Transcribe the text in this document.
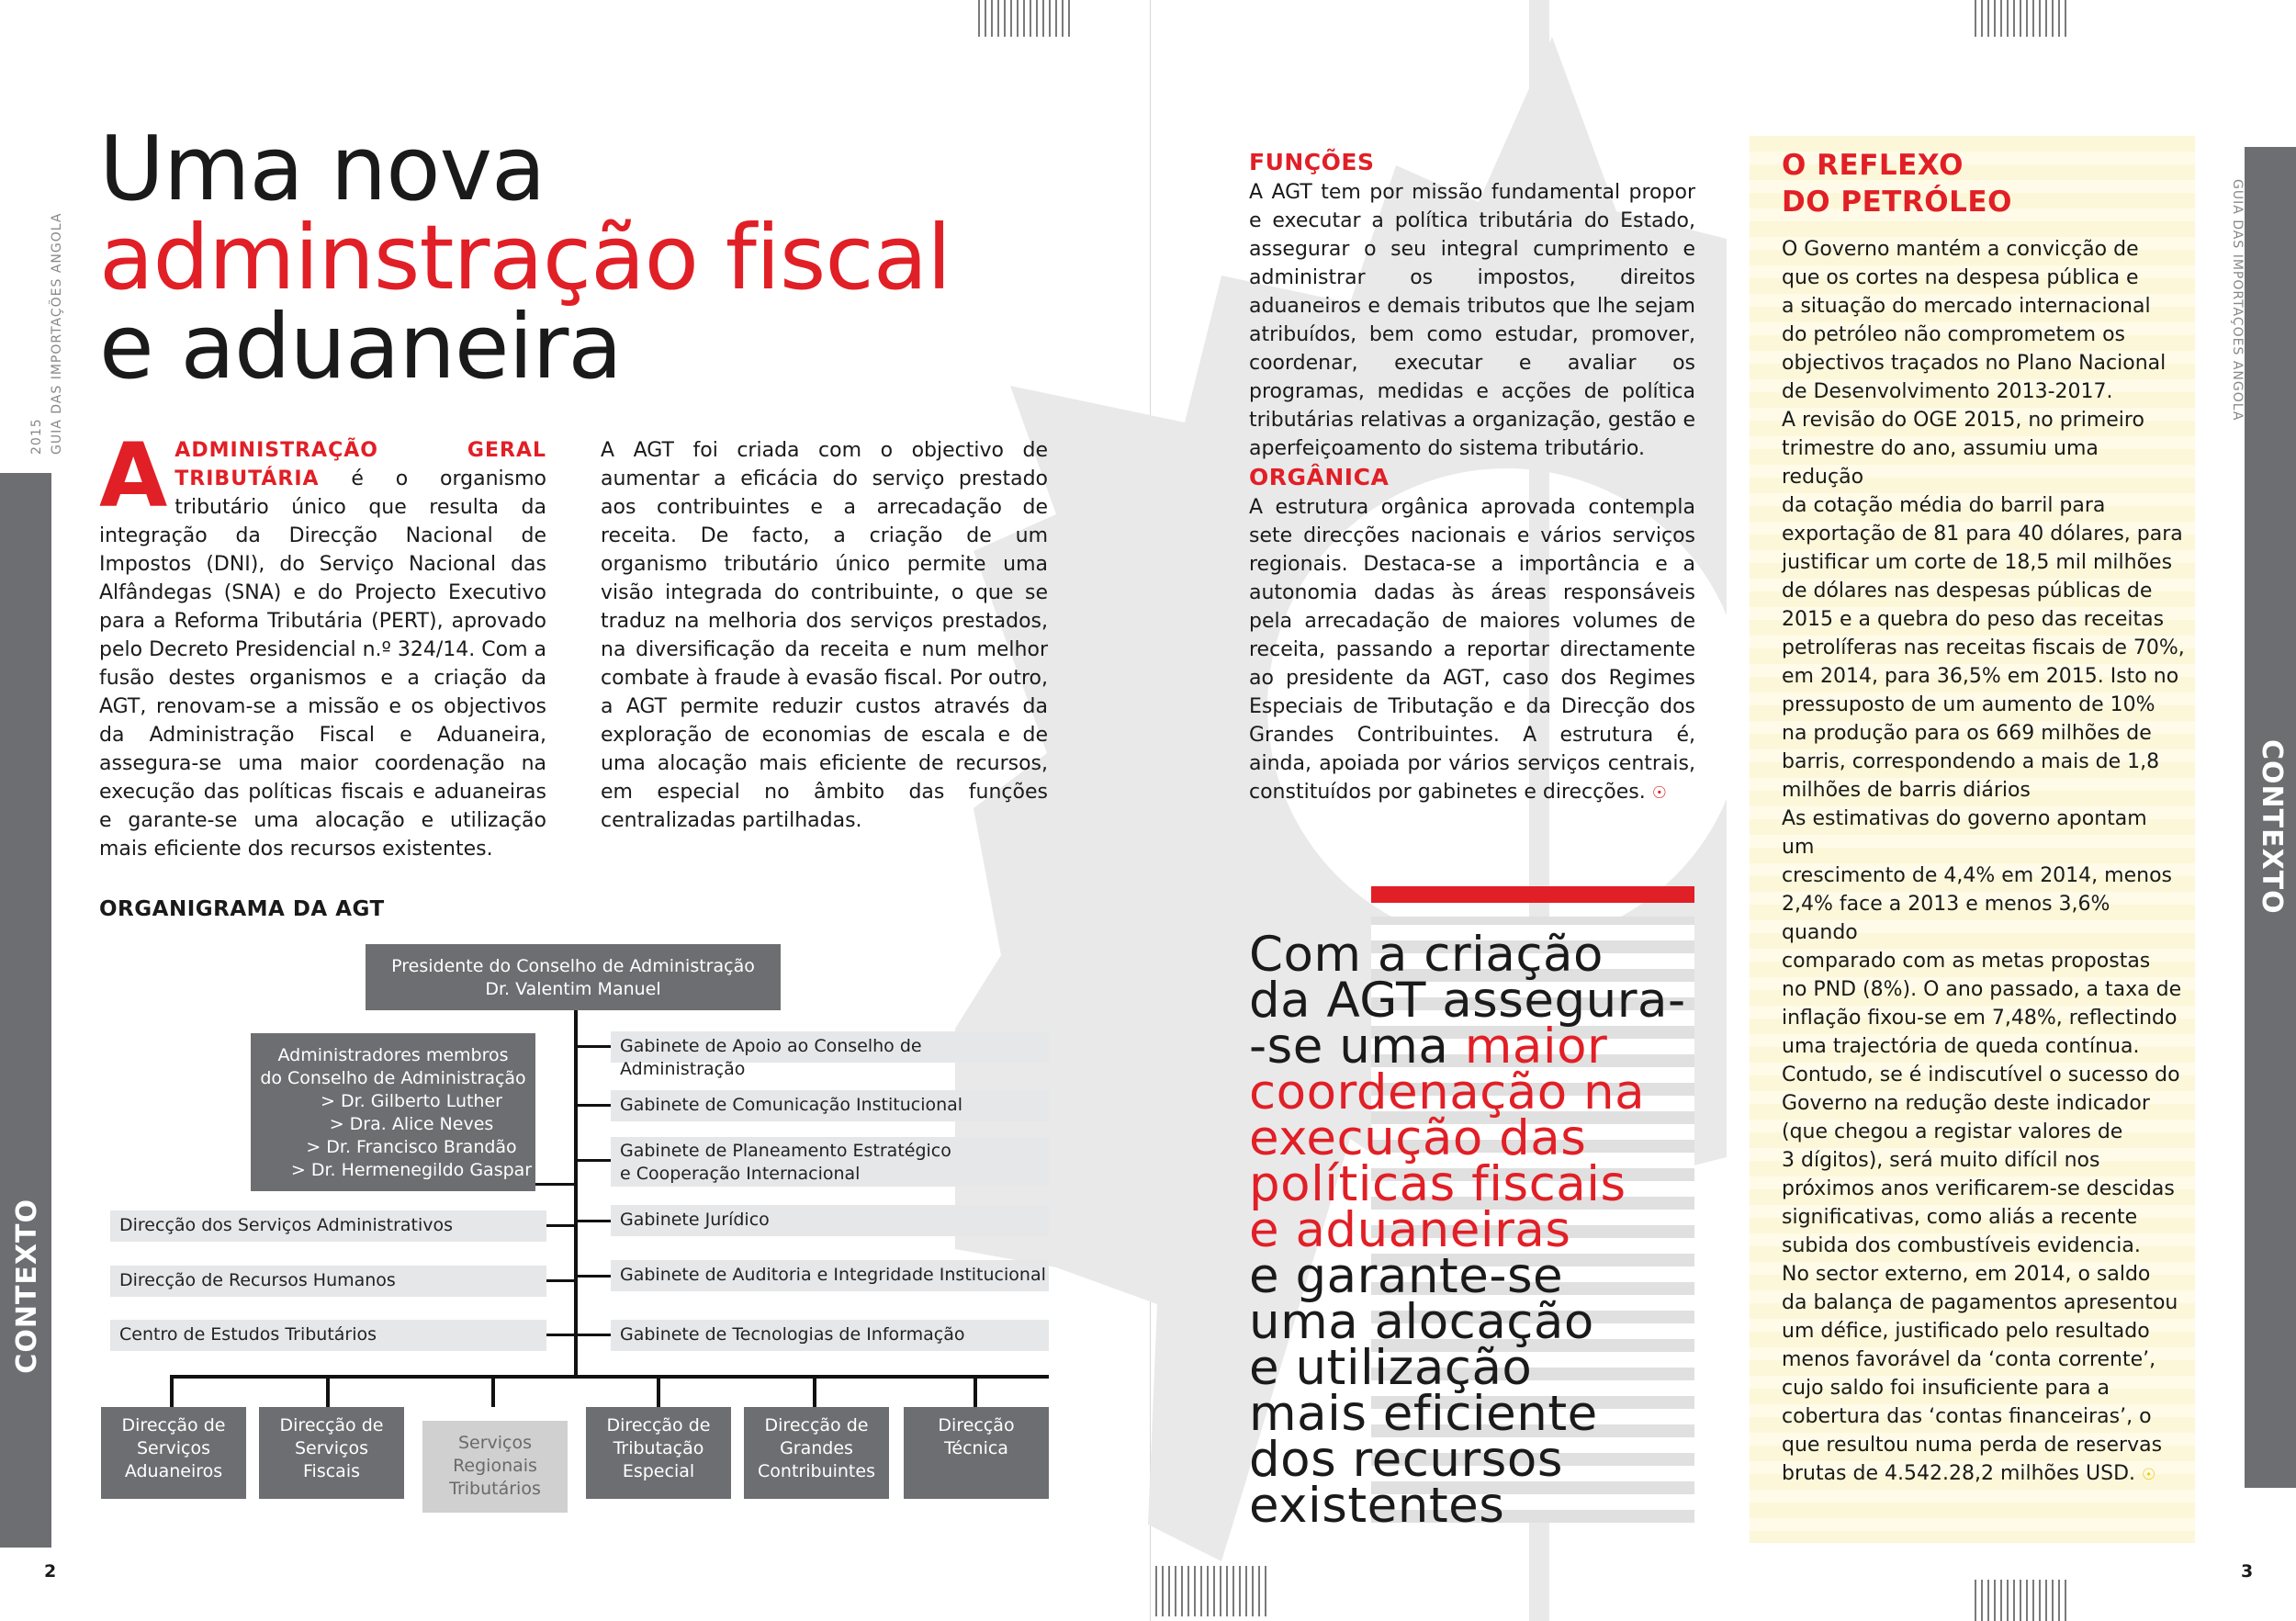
2015 GUIA DAS IMPORTAÇÕES ANGOLA
CONTEXTO
GUIA DAS IMPORTAÇÕES ANGOLA
CONTEXTO
Uma nova
adminstração fiscal
e aduaneira
AADMINISTRAÇÃO GERAL TRIBUTÁRIA é o organismo tributário único que resulta da integração da Direcção Nacional de Impostos (DNI), do Serviço Nacional das Alfândegas (SNA) e do Projecto Executivo para a Reforma Tributária (PERT), aprovado pelo Decreto Presidencial n.º 324/14. Com a fusão destes organismos e a criação da AGT, renovam-se a missão e os objectivos da Administração Fiscal e Aduaneira, assegura-se uma maior coordenação na execução das políticas fiscais e aduaneiras e garante-se uma alocação e utilização mais eficiente dos recursos existentes.
A AGT foi criada com o objectivo de aumentar a eficácia do serviço prestado aos contribuintes e a arrecadação de receita. De facto, a criação de um organismo tributário único permite uma visão integrada do contribuinte, o que se traduz na melhoria dos serviços prestados, na diversificação da receita e num melhor combate à fraude à evasão fiscal. Por outro, a AGT permite reduzir custos através da exploração de economias de escala e de uma alocação mais eficiente de recursos, em especial no âmbito das funções centralizadas partilhadas.
ORGANIGRAMA DA AGT
Presidente do Conselho de Administração
Dr. Valentim Manuel
Administradores membros
do Conselho de Administração
> Dr. Gilberto Luther
> Dra. Alice Neves
> Dr. Francisco Brandão
> Dr. Hermenegildo Gaspar
Direcção dos Serviços Administrativos
Direcção de Recursos Humanos
Centro de Estudos Tributários
Gabinete de Apoio ao Conselho de Administração
Gabinete de Comunicação Institucional
Gabinete de Planeamento Estratégico
e Cooperação Internacional
Gabinete Jurídico
Gabinete de Auditoria e Integridade Institucional
Gabinete de Tecnologias de Informação
Direcção de
Serviços
Aduaneiros
Direcção de
Serviços
Fiscais
Serviços
Regionais
Tributários
Direcção de
Tributação
Especial
Direcção de
Grandes
Contribuintes
Direcção
Técnica
FUNÇÕES
A AGT tem por missão fundamental propor e executar a política tributária do Estado, assegurar o seu integral cumprimento e administrar os impostos, direitos aduaneiros e demais tributos que lhe sejam atribuídos, bem como estudar, promover, coordenar, executar e avaliar os programas, medidas e acções de política tributárias relativas a organização, gestão e aperfeiçoamento do sistema tributário.
ORGÂNICA
A estrutura orgânica aprovada contempla sete direcções nacionais e vários serviços regionais. Destaca-se a importância e a autonomia dadas às áreas responsáveis pela arrecadação de maiores volumes de receita, passando a reportar directamente ao presidente da AGT, caso dos Regimes Especiais de Tributação e da Direcção dos Grandes Contribuintes. A estrutura é, ainda, apoiada por vários serviços centrais, constituídos por gabinetes e direcções. ☉
Com a criação
da AGT assegura-
-se uma maior
coordenação na
execução das
políticas fiscais
e aduaneiras
e garante-se
uma alocação
e utilização
mais eficiente
dos recursos
existentes
O REFLEXO
DO PETRÓLEO
O Governo mantém a convicção de
que os cortes na despesa pública e
a situação do mercado internacional
do petróleo não comprometem os
objectivos traçados no Plano Nacional
de Desenvolvimento 2013-2017.
A revisão do OGE 2015, no primeiro
trimestre do ano, assumiu uma redução
da cotação média do barril para
exportação de 81 para 40 dólares, para
justificar um corte de 18,5 mil milhões
de dólares nas despesas públicas de
2015 e a quebra do peso das receitas
petrolíferas nas receitas fiscais de 70%,
em 2014, para 36,5% em 2015. Isto no
pressuposto de um aumento de 10%
na produção para os 669 milhões de
barris, correspondendo a mais de 1,8
milhões de barris diários
As estimativas do governo apontam um
crescimento de 4,4% em 2014, menos
2,4% face a 2013 e menos 3,6% quando
comparado com as metas propostas
no PND (8%). O ano passado, a taxa de
inflação fixou-se em 7,48%, reflectindo
uma trajectória de queda contínua.
Contudo, se é indiscutível o sucesso do
Governo na redução deste indicador
(que chegou a registar valores de
3 dígitos), será muito difícil nos
próximos anos verificarem-se descidas
significativas, como aliás a recente
subida dos combustíveis evidencia.
No sector externo, em 2014, o saldo
da balança de pagamentos apresentou
um défice, justificado pelo resultado
menos favorável da ‘conta corrente’,
cujo saldo foi insuficiente para a
cobertura das ‘contas financeiras’, o
que resultou numa perda de reservas
brutas de 4.542.28,2 milhões USD. ☉
2	3
